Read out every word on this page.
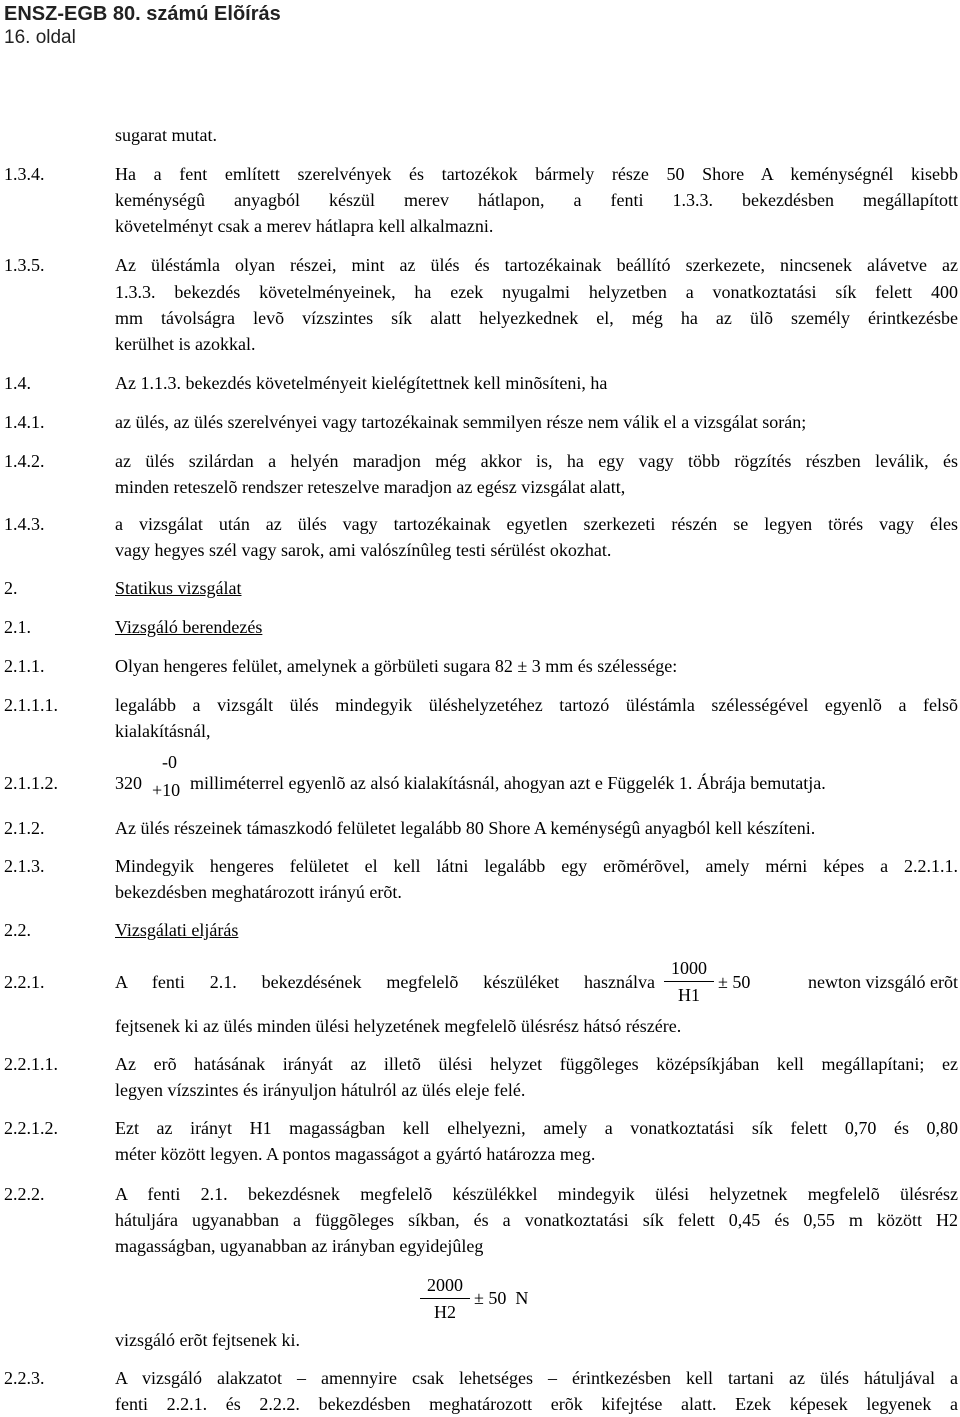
ENSZ-EGB 80. számú Elõírás
16. oldal
sugarat mutat.
1.3.4.	Ha a fent említett szerelvények és tartozékok bármely része 50 Shore A keménységnél kisebb
keménységû anyagból készül merev hátlapon, a fenti 1.3.3. bekezdésben megállapított
követelményt csak a merev hátlapra kell alkalmazni.
1.3.5.	Az üléstámla olyan részei, mint az ülés és tartozékainak beállító szerkezete, nincsenek alávetve az
1.3.3. bekezdés követelményeinek, ha ezek nyugalmi helyzetben a vonatkoztatási sík felett 400
mm távolságra levõ vízszintes sík alatt helyezkednek el, még ha az ülõ személy érintkezésbe
kerülhet is azokkal.
1.4.	Az 1.1.3. bekezdés követelményeit kielégítettnek kell minõsíteni, ha
1.4.1.	az ülés, az ülés szerelvényei vagy tartozékainak semmilyen része nem válik el a vizsgálat során;
1.4.2.	az ülés szilárdan a helyén maradjon még akkor is, ha egy vagy több rögzítés részben leválik, és
minden reteszelõ rendszer reteszelve maradjon az egész vizsgálat alatt,
1.4.3.	a vizsgálat után az ülés vagy tartozékainak egyetlen szerkezeti részén se legyen törés vagy éles
vagy hegyes szél vagy sarok, ami valószínûleg testi sérülést okozhat.
2.	Statikus vizsgálat
2.1.	Vizsgáló berendezés
2.1.1.	Olyan hengeres felület, amelynek a görbületi sugara 82 ± 3 mm és szélessége:
2.1.1.1.	legalább a vizsgált ülés mindegyik üléshelyzetéhez tartozó üléstámla szélességével egyenlõ a felsõ
kialakításnál,
2.1.1.2.	320
-0
+10 milliméterrel egyenlõ az alsó kialakításnál, ahogyan azt e Függelék 1. Ábrája bemutatja.
2.1.2.	Az ülés részeinek támaszkodó felületet legalább 80 Shore A keménységû anyagból kell készíteni.
2.1.3.	Mindegyik hengeres felületet el kell látni legalább egy erõmérõvel, amely mérni képes a 2.2.1.1.
bekezdésben meghatározott irányú erõt.
2.2.	Vizsgálati eljárás
2.2.1.	A fenti 2.1. bekezdésének megfelelõ készüléket használva
1000
H1
± 50	newton vizsgáló erõt
fejtsenek ki az ülés minden ülési helyzetének megfelelõ ülésrész hátsó részére.
2.2.1.1.	Az erõ hatásának irányát az illetõ ülési helyzet függõleges középsíkjában kell megállapítani; ez
legyen vízszintes és irányuljon hátulról az ülés eleje felé.
2.2.1.2.	Ezt az irányt H1 magasságban kell elhelyezni, amely a vonatkoztatási sík felett 0,70 és 0,80
méter között legyen. A pontos magasságot a gyártó határozza meg.
2.2.2.	A fenti 2.1. bekezdésnek megfelelõ készülékkel mindegyik ülési helyzetnek megfelelõ ülésrész
hátuljára ugyanabban a függõleges síkban, és a vonatkoztatási sík felett 0,45 és 0,55 m között H2
magasságban, ugyanabban az irányban egyidejûleg
2000
H2
± 50  N
vizsgáló erõt fejtsenek ki.
2.2.3.	A vizsgáló alakzatot – amennyire csak lehetséges – érintkezésben kell tartani az ülés hátuljával a
fenti 2.2.1. és 2.2.2. bekezdésben meghatározott erõk kifejtése alatt. Ezek képesek legyenek a
